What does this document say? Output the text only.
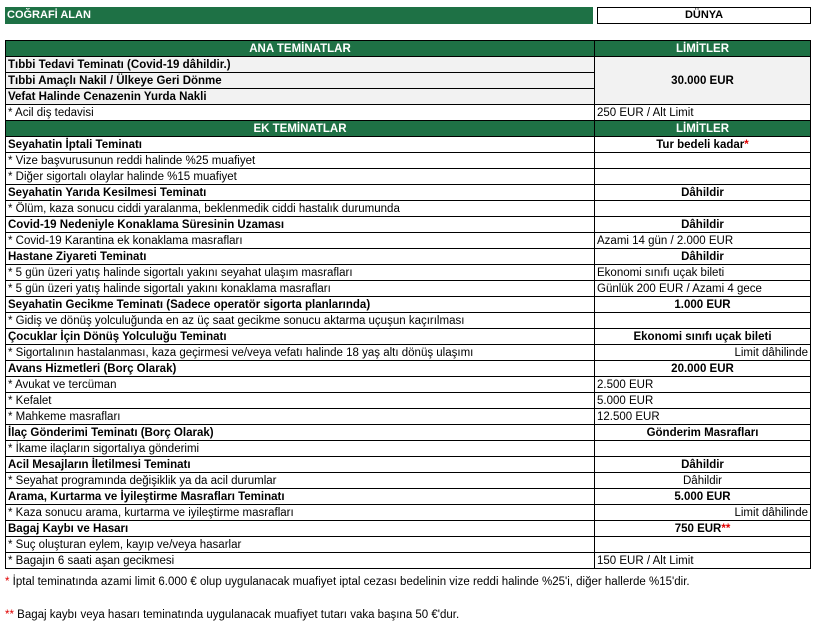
COĞRAFİ ALAN	DÜNYA
ANA TEMİNATLAR	LİMİTLER
Tıbbi Tedavi Teminatı (Covid-19 dâhildir.)	30.000 EUR
Tıbbi Amaçlı Nakil / Ülkeye Geri Dönme	
Vefat Halinde Cenazenin Yurda Nakli	
* Acil diş tedavisi	250 EUR / Alt Limit
EK TEMİNATLAR	LİMİTLER
Seyahatin İptali Teminatı	Tur bedeli kadar*
* Vize başvurusunun reddi halinde %25 muafiyet	
* Diğer sigortalı olaylar halinde %15 muafiyet	
Seyahatin Yarıda Kesilmesi Teminatı	Dâhildir
* Ölüm, kaza sonucu ciddi yaralanma, beklenmedik ciddi hastalık durumunda	
Covid-19 Nedeniyle Konaklama Süresinin Uzaması	Dâhildir
* Covid-19 Karantina ek konaklama masrafları	Azami 14 gün / 2.000 EUR
Hastane Ziyareti Teminatı	Dâhildir
* 5 gün üzeri yatış halinde sigortalı yakını seyahat ulaşım masrafları	Ekonomi sınıfı uçak bileti
* 5 gün üzeri yatış halinde sigortalı yakını konaklama masrafları	Günlük 200 EUR / Azami 4 gece
Seyahatin Gecikme Teminatı (Sadece operatör sigorta planlarında)	1.000 EUR
* Gidiş ve dönüş yolculuğunda en az üç saat gecikme sonucu aktarma uçuşun kaçırılması	
Çocuklar İçin Dönüş Yolculuğu Teminatı	Ekonomi sınıfı uçak bileti
* Sigortalının hastalanması, kaza geçirmesi ve/veya vefatı halinde 18 yaş altı dönüş ulaşımı	Limit dâhilinde
Avans Hizmetleri (Borç Olarak)	20.000 EUR
* Avukat ve tercüman	2.500 EUR
* Kefalet	5.000 EUR
* Mahkeme masrafları	12.500 EUR
İlaç Gönderimi Teminatı (Borç Olarak)	Gönderim Masrafları
* İkame ilaçların sigortalıya gönderimi	
Acil Mesajların İletilmesi Teminatı	Dâhildir
* Seyahat programında değişiklik ya da acil durumlar	Dâhildir
Arama, Kurtarma ve İyileştirme Masrafları Teminatı	5.000 EUR
* Kaza sonucu arama, kurtarma ve iyileştirme masrafları	Limit dâhilinde
Bagaj Kaybı ve Hasarı	750 EUR**
* Suç oluşturan eylem, kayıp ve/veya hasarlar	
* Bagajın 6 saati aşan gecikmesi	150 EUR / Alt Limit
* İptal teminatında azami limit 6.000 € olup uygulanacak muafiyet iptal cezası bedelinin vize reddi halinde %25'i, diğer hallerde %15'dir.
** Bagaj kaybı veya hasarı teminatında uygulanacak muafiyet tutarı vaka başına 50 €'dur.
